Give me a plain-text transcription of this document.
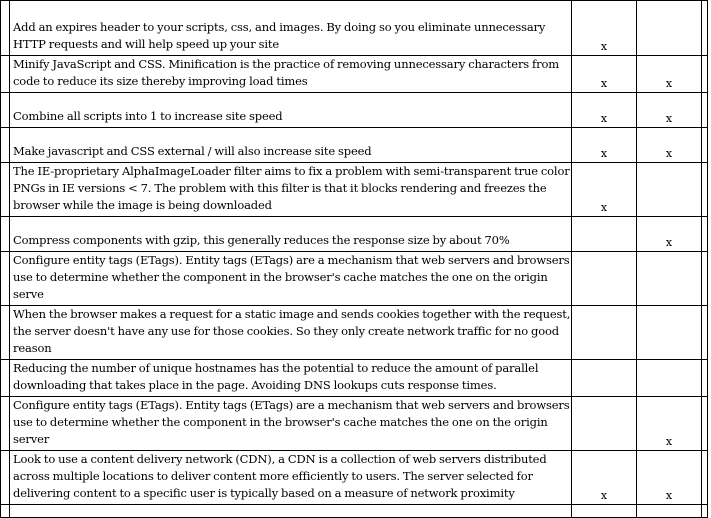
	Add an expires header to your scripts, css, and images. By doing so you eliminate unnecessary HTTP requests and will help speed up your site	x		

	Minify JavaScript and CSS. Minification is the practice of removing unnecessary characters from code to reduce its size thereby improving load times	x	x	

	Combine all scripts into 1 to increase site speed	x	x	

	Make javascript and CSS external / will also increase site speed	x	x	

	The IE-proprietary AlphaImageLoader filter aims to fix a problem with semi-transparent true color PNGs in IE versions < 7. The problem with this filter is that it blocks rendering and freezes the browser while the image is being downloaded	x		

	Compress components with gzip, this generally reduces the response size by about 70%		x	

	Configure entity tags (ETags). Entity tags (ETags) are a mechanism that web servers and browsers use to determine whether the component in the browser's cache matches the one on the origin serve			

	When the browser makes a request for a static image and sends cookies together with the request, the server doesn't have any use for those cookies. So they only create network traffic for no good reason			

	Reducing the number of unique hostnames has the potential to reduce the amount of parallel downloading that takes place in the page. Avoiding DNS lookups cuts response times.			

	Configure entity tags (ETags). Entity tags (ETags) are a mechanism that web servers and browsers use to determine whether the component in the browser's cache matches the one on the origin server		x	

	Look to use a content delivery network (CDN), a CDN is a collection of web servers distributed across multiple locations to deliver content more efficiently to users. The server selected for delivering content to a specific user is typically based on a measure of network proximity	x	x	
